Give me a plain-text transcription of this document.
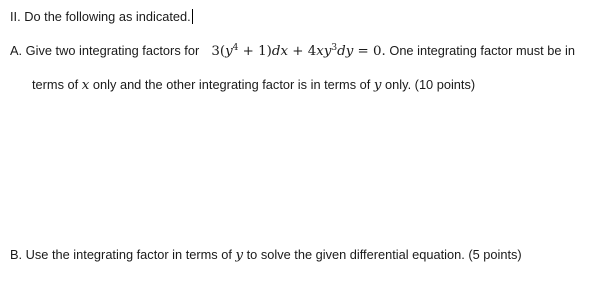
II. Do the following as indicated.
A. Give two integrating factors for $3(y^4 + 1)dx + 4xy^3dy = 0$. One integrating factor must be in
terms of x only and the other integrating factor is in terms of y only. (10 points)
B. Use the integrating factor in terms of y to solve the given differential equation. (5 points)
